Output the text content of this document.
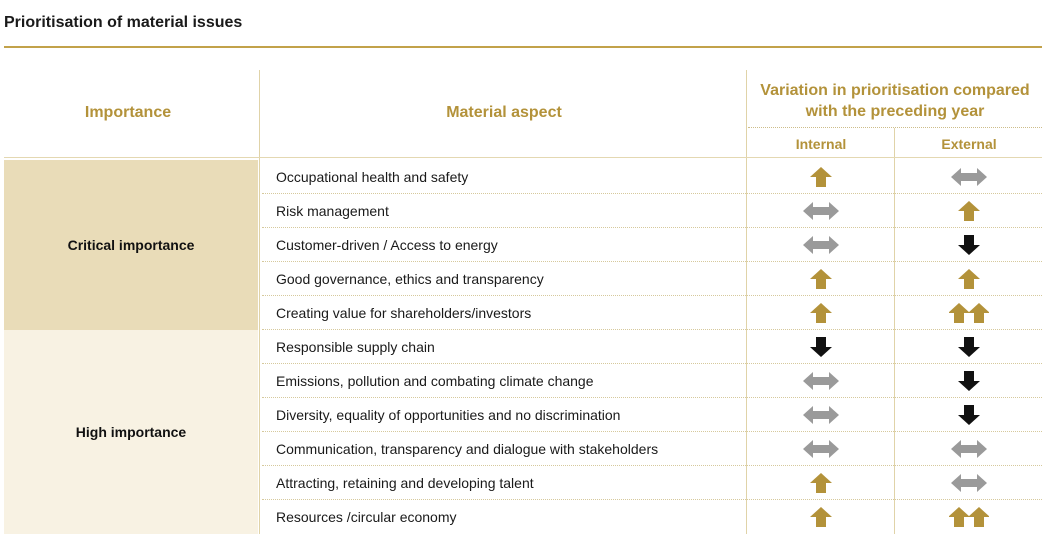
Prioritisation of material issues
Importance	Material aspect
Variation in prioritisation compared with the preceding year
Internal	External
Critical importance
High importance
Occupational health and safety
Risk management
Customer-driven / Access to energy
Good governance, ethics and transparency
Creating value for shareholders/investors
Responsible supply chain
Emissions, pollution and combating climate change
Diversity, equality of opportunities and no discrimination
Communication, transparency and dialogue with stakeholders
Attracting, retaining and developing talent
Resources /circular economy
